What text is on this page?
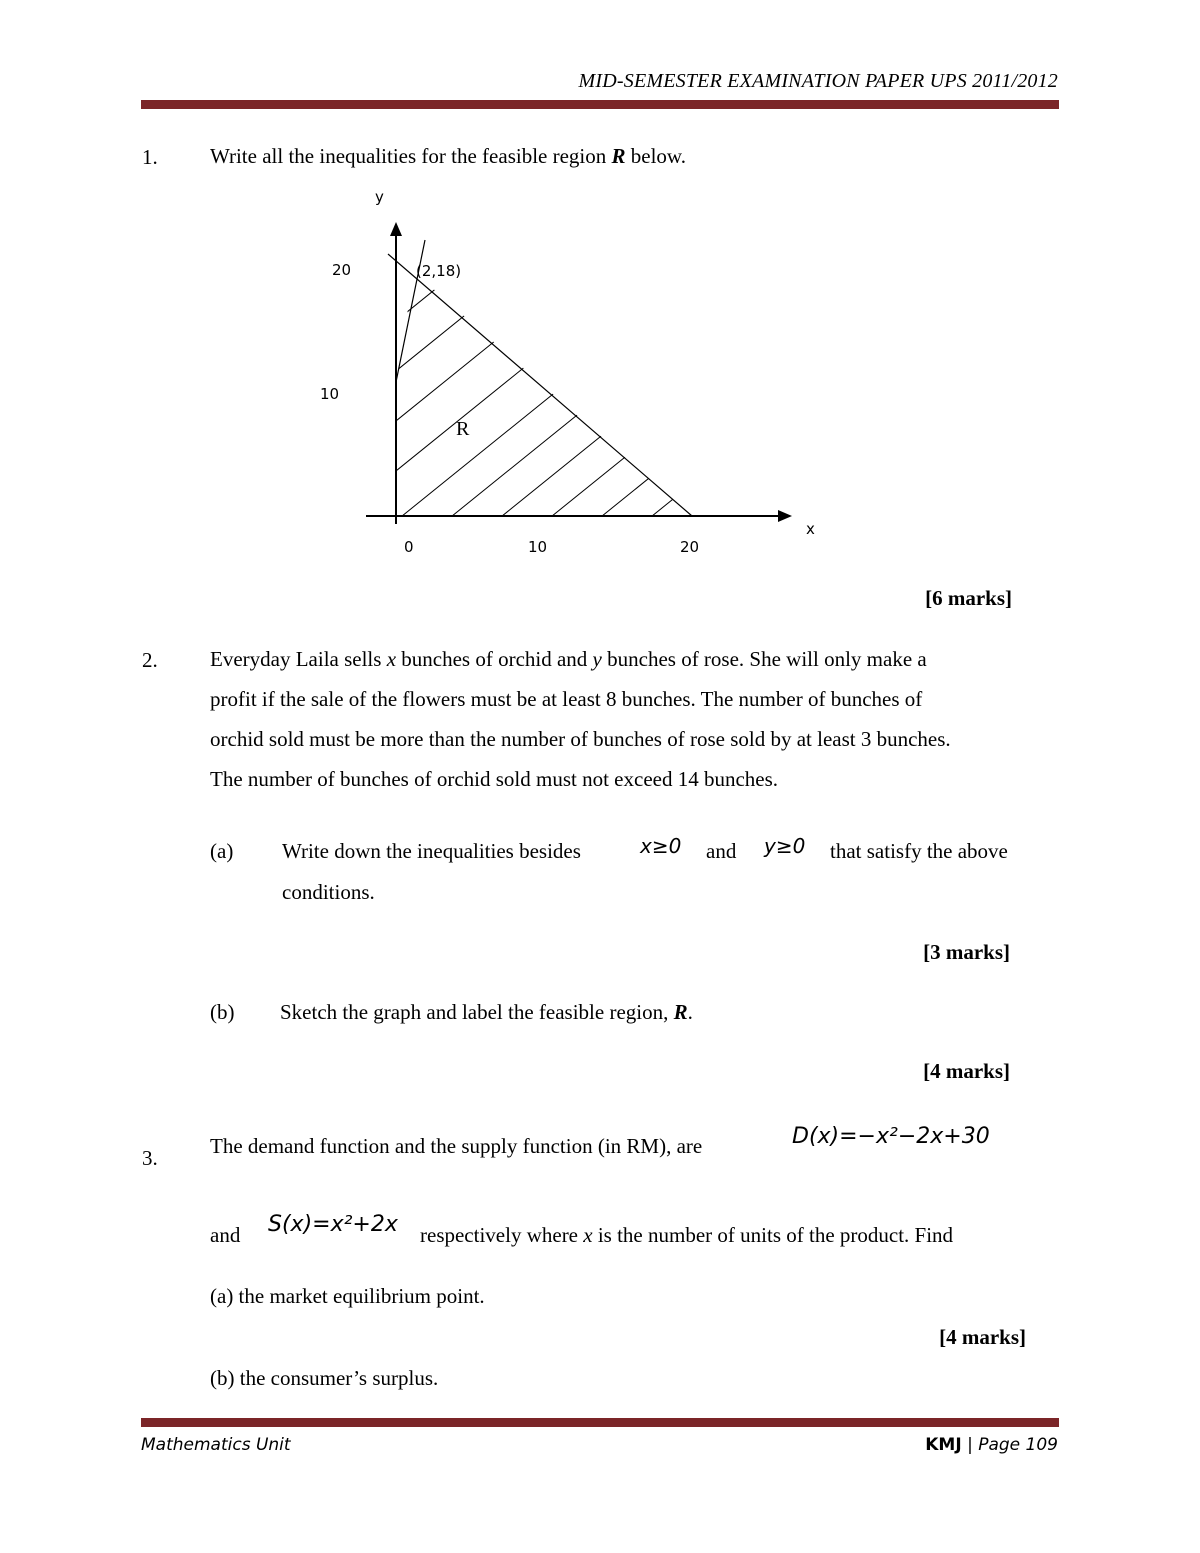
MID-SEMESTER EXAMINATION PAPER UPS 2011/2012
1. Write all the inequalities for the feasible region R below.
y
x
20
10
0	10	20
(2,18)
R
[6 marks]
2. Everyday Laila sells x bunches of orchid and y bunches of rose. She will only make a
profit if the sale of the flowers must be at least 8 bunches. The number of bunches of
orchid sold must be more than the number of bunches of rose sold by at least 3 bunches.
The number of bunches of orchid sold must not exceed 14 bunches.
(a) Write down the inequalities besides	x≥0 and y≥0 that satisfy the above
conditions.
[3 marks]
(b) Sketch the graph and label the feasible region, R.
[4 marks]
3. The demand function and the supply function (in RM), are	D(x)=−x²−2x+30
and S(x)=x²+2x respectively where x is the number of units of the product. Find
(a) the market equilibrium point.
[4 marks]
(b) the consumer’s surplus.
Mathematics Unit	KMJ | Page 109
